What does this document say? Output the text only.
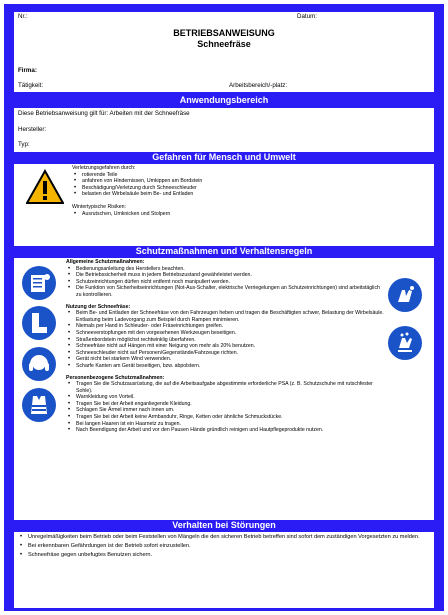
Nr.:	Datum:
BETRIEBSANWEISUNG
Schneefräse
Firma:
Tätigkeit:	Arbeitsbereich/-platz:
Anwendungsbereich
Diese Betriebsanweisung gilt für: Arbeiten mit der Schneefräse
Hersteller:
Typ:
Gefahren für Mensch und Umwelt
Verletzungsgefahren durch:
• rotierende Teile
• anfahren von Hindernissen, Umkippen am Bordstein
• Beschädigung/Verletzung durch Schneeschleuder
• belasten der Wirbelsäule beim Be- und Entladen
Wintertypische Risiken:
• Ausrutschen, Umknicken und Stolpern
Schutzmaßnahmen und Verhaltensregeln
Allgemeine Schutzmaßnahmen:
• Bedienungsanleitung des Herstellers beachten.
• Die Betriebssicherheit muss in jedem Betriebszustand gewährleistet werden.
• Schutzeinrichtungen dürfen nicht entfernt noch manipuliert werden.
• Die Funktion von Sicherheitseinrichtungen (Not-Aus-Schalter, elektrische Verriegelungen an Schutzeinrichtungen) sind arbeitstäglich zu kontrollieren.
Nutzung der Schneefräse:
• Beim Be- und Entladen der Schneefräse von den Fahrzeugen heben und tragen die Beschäftigten schwer, Belastung der Wirbelsäule. Entlastung beim Ladevorgang zum Beispiel durch Rampen minimieren.
• Niemals per Hand in Schleuder- oder Fräseinrichtungen greifen.
• Schneeverstopfungen mit den vorgesehenen Werkzeugen beseitigen.
• Straßenbordstein möglichst rechtwinklig überfahren.
• Schneefräse nicht auf Hängen mit einer Neigung von mehr als 20% benutzen.
• Schneeschleuder nicht auf Personen/Gegenstände/Fahrzeuge richten.
• Gerät nicht bei starkem Wind verwenden.
• Scharfe Kanten am Gerät beseitigen, bzw. abpolstern.
Personenbezogene Schutzmaßnahmen:
• Tragen Sie die Schutzausrüstung, die auf die Arbeitsaufgabe abgestimmte erforderliche PSA (z. B. Schutzschuhe mit rutschfester Sohle).
• Warnkleidung von Vorteil.
• Tragen Sie bei der Arbeit enganliegende Kleidung.
• Schlagen Sie Ärmel immer nach innen um.
• Tragen Sie bei der Arbeit keine Armbanduhr, Ringe, Ketten oder ähnliche Schmuckstücke.
• Bei langen Haaren ist ein Haarnetz zu tragen.
• Nach Beendigung der Arbeit und vor den Pausen Hände gründlich reinigen und Hautpflegeprodukte nutzen.
Verhalten bei Störungen
• Unregelmäßigkeiten beim Betrieb oder beim Feststellen von Mängeln die den sicheren Betrieb betreffen sind sofort dem zuständigen Vorgesetzten zu melden.
• Bei erkennbaren Gefährdungen ist der Betrieb sofort einzustellen.
• Schneefräse gegen unbefugtes Benutzen sichern.
